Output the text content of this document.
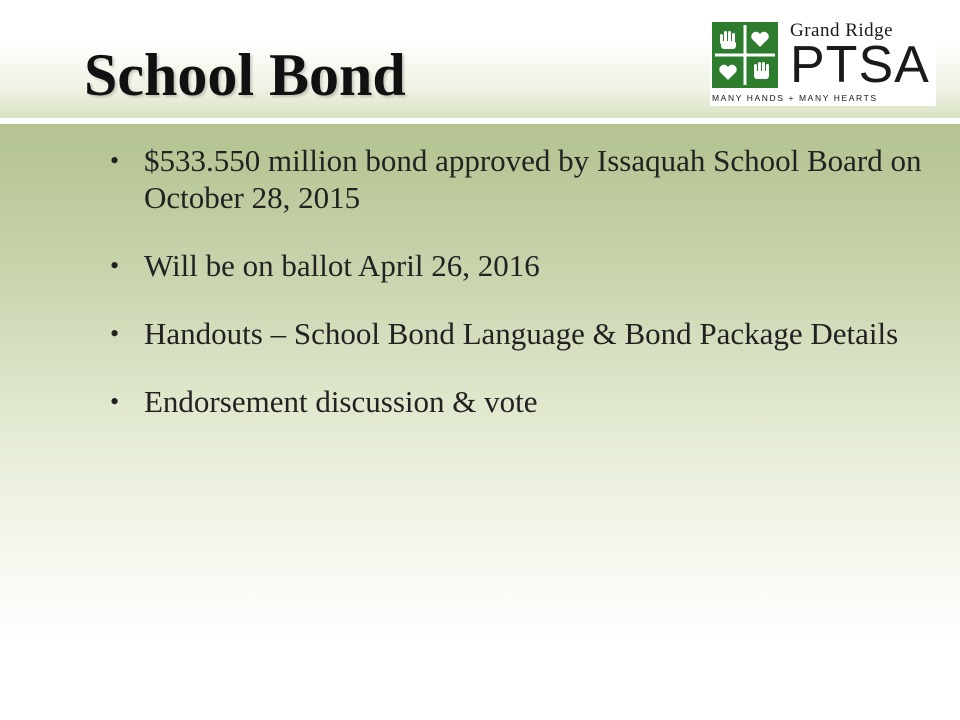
School Bond
Grand Ridge
PTSA
MANY HANDS + MANY HEARTS
• $533.550 million bond approved by Issaquah School Board on October 28, 2015
• Will be on ballot April 26, 2016
• Handouts – School Bond Language & Bond Package Details
• Endorsement discussion & vote
